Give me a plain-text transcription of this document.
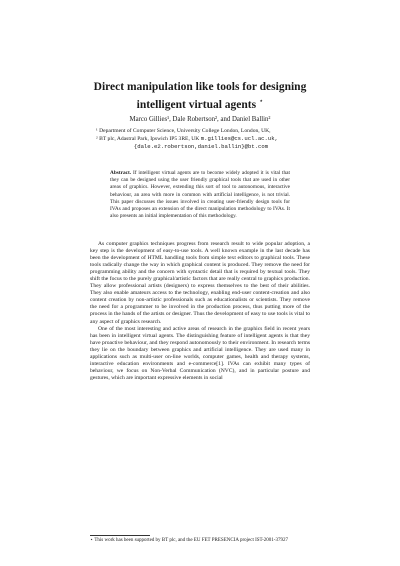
Direct manipulation like tools for designing
intelligent virtual agents ⋆
Marco Gillies¹, Dale Robertson², and Daniel Ballin²
¹ Department of Computer Science, University College London, London, UK,
² BT plc, Adastral Park, Ipswich IP5 3RE, UK m.gillies@cs.ucl.ac.uk,
{dale.e2.robertson,daniel.ballin}@bt.com
Abstract. If intelligent virtual agents are to become widely adopted it is vital that they can be designed using the user friendly graphical tools that are used in other areas of graphics. However, extending this sort of tool to autonomous, interactive behaviour, an area with more in common with artificial intelligence, is not trivial. This paper discusses the issues involved in creating user-friendly design tools for IVAs and proposes an extension of the direct manipulation methodology to IVAs. It also presents an initial implementation of this methodology.

As computer graphics techniques progress from research result to wide popular adoption, a key step is the development of easy-to-use tools. A well known example in the last decade has been the development of HTML handling tools from simple text editors to graphical tools. These tools radically change the way in which graphical content is produced. They remove the need for programming ability and the concern with syntactic detail that is required by textual tools. They shift the focus to the purely graphical/artistic factors that are really central to graphics production. They allow professional artists (designers) to express themselves to the best of their abilities. They also enable amateurs access to the technology, enabling end-user content-creation and also content creation by non-artistic professionals such as educationalists or scientists. They remove the need for a programmer to be involved in the production process, thus putting more of the process in the hands of the artists or designer. Thus the development of easy to use tools is vital to any aspect of graphics research.

One of the most interesting and active areas of research in the graphics field in recent years has been in intelligent virtual agents. The distinguishing feature of intelligent agents is that they have proactive behaviour, and they respond autonomously to their environment. In research terms they lie on the boundary between graphics and artificial intelligence. They are used many in applications such as multi-user on-line worlds, computer games, health and therapy systems, interactive education environments and e-commerce[1]. IVAs can exhibit many types of behaviour, we focus on Non-Verbal Communication (NVC), and in particular posture and gestures, which are important expressive elements in social

⋆ This work has been supported by BT plc, and the EU FET PRESENCIA project IST-2001-37927
